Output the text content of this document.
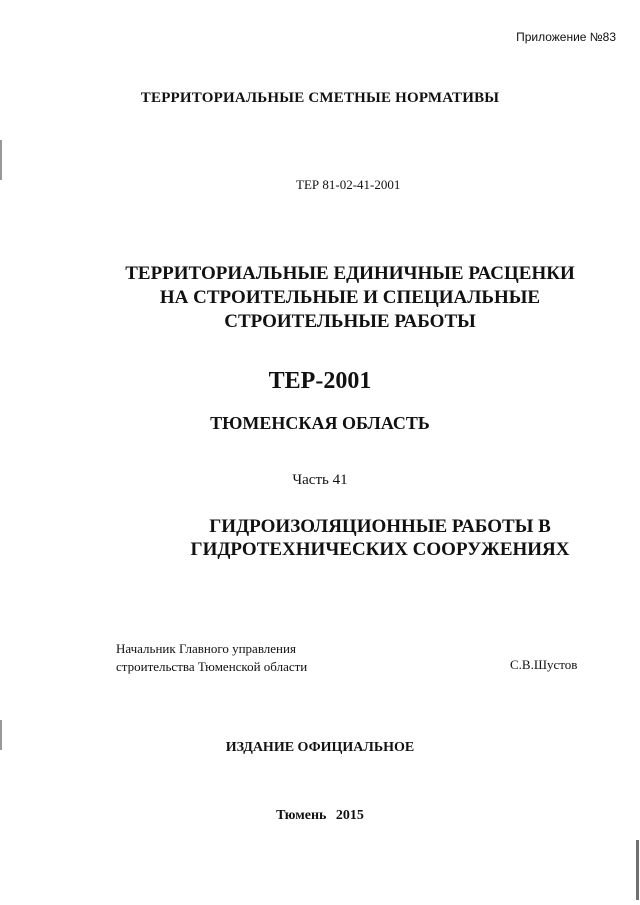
Приложение №83
ТЕРРИТОРИАЛЬНЫЕ СМЕТНЫЕ НОРМАТИВЫ
ТЕР 81-02-41-2001
ТЕРРИТОРИАЛЬНЫЕ ЕДИНИЧНЫЕ РАСЦЕНКИ
НА СТРОИТЕЛЬНЫЕ И СПЕЦИАЛЬНЫЕ
СТРОИТЕЛЬНЫЕ РАБОТЫ
ТЕР-2001
ТЮМЕНСКАЯ ОБЛАСТЬ
Часть 41
ГИДРОИЗОЛЯЦИОННЫЕ РАБОТЫ В
ГИДРОТЕХНИЧЕСКИХ СООРУЖЕНИЯХ
Начальник Главного управления
строительства Тюменской области	С.В.Шустов
ИЗДАНИЕ ОФИЦИАЛЬНОЕ
Тюмень 2015
